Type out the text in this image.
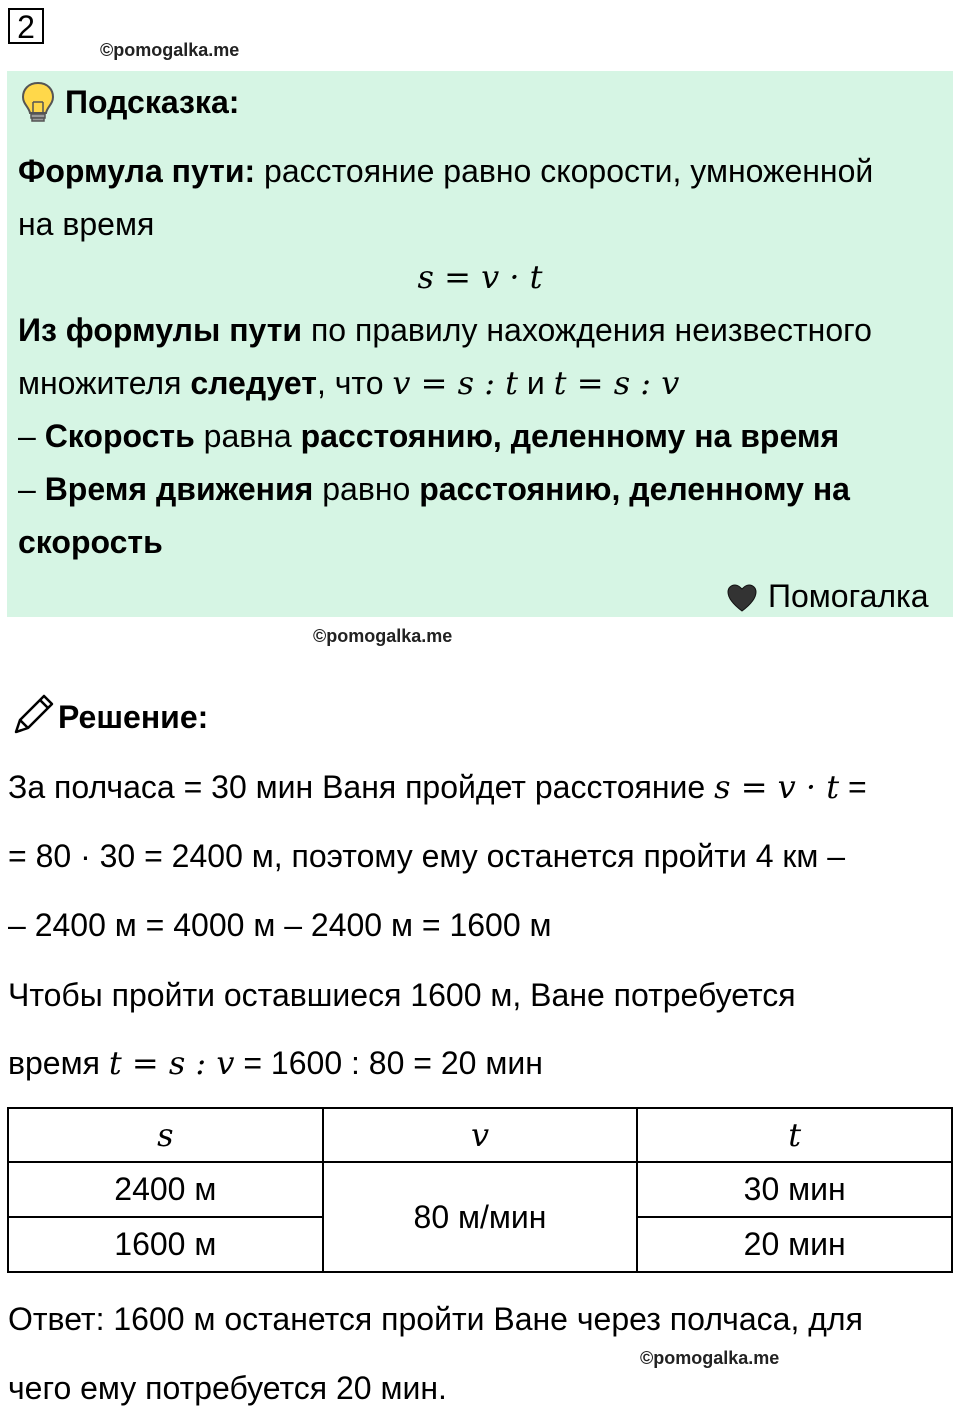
2
©pomogalka.me
Подсказка:
Формула пути: расстояние равно скорости, умноженной
на время
s = v · t
Из формулы пути по правилу нахождения неизвестного
множителя следует, что v = s : t и t = s : v
– Скорость равна расстоянию, деленному на время
– Время движения равно расстоянию, деленному на
скорость
Помогалка
©pomogalka.me
Решение:
За полчаса = 30 мин Ваня пройдет расстояние s = v · t =
= 80 · 30 = 2400 м, поэтому ему останется пройти 4 км –
– 2400 м = 4000 м – 2400 м = 1600 м
Чтобы пройти оставшиеся 1600 м, Ване потребуется
время t = s : v = 1600 : 80 = 20 мин
s	v	t
2400 м	80 м/мин	30 мин
1600 м		20 мин
Ответ: 1600 м останется пройти Ване через полчаса, для
©pomogalka.me
чего ему потребуется 20 мин.
